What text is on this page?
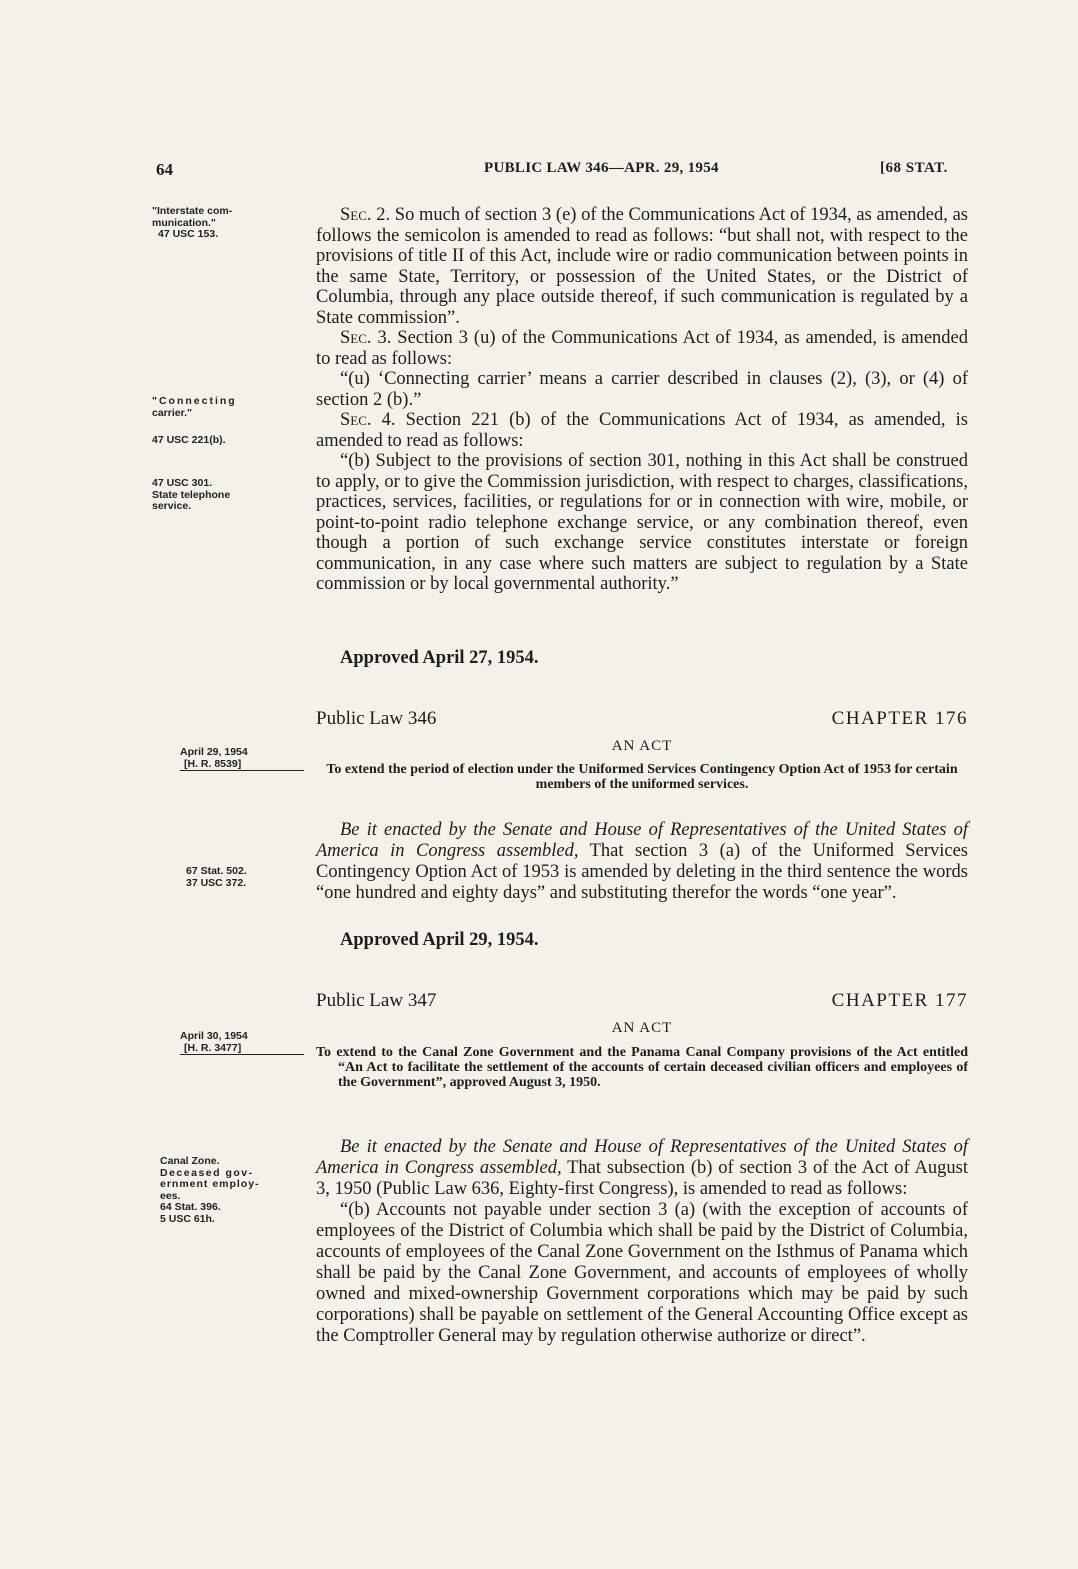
64	PUBLIC LAW 346—APR. 29, 1954	[68 STAT.
"Interstate com-
munication."
47 USC 153.
"Connecting
carrier."
47 USC 221(b).
47 USC 301.
State telephone
service.
April 29, 1954
[H. R. 8539]
67 Stat. 502.
37 USC 372.
April 30, 1954
[H. R. 3477]
Canal Zone.
Deceased gov-
ernment employ-
ees.
64 Stat. 396.
5 USC 61h.

Sec. 2. So much of section 3 (e) of the Communications Act of 1934, as amended, as follows the semicolon is amended to read as follows: “but shall not, with respect to the provisions of title II of this Act, include wire or radio communication between points in the same State, Territory, or possession of the United States, or the District of Columbia, through any place outside thereof, if such communication is regulated by a State commission”.

Sec. 3. Section 3 (u) of the Communications Act of 1934, as amended, is amended to read as follows:

“(u) ‘Connecting carrier’ means a carrier described in clauses (2), (3), or (4) of section 2 (b).”

Sec. 4. Section 221 (b) of the Communications Act of 1934, as amended, is amended to read as follows:

“(b) Subject to the provisions of section 301, nothing in this Act shall be construed to apply, or to give the Commission jurisdiction, with respect to charges, classifications, practices, services, facilities, or regulations for or in connection with wire, mobile, or point-to-point radio telephone exchange service, or any combination thereof, even though a portion of such exchange service constitutes interstate or foreign communication, in any case where such matters are subject to regulation by a State commission or by local governmental authority.”

Approved April 27, 1954.
Public Law 346	CHAPTER 176
AN ACT
To extend the period of election under the Uniformed Services Contingency Option Act of 1953 for certain members of the uniformed services.

Be it enacted by the Senate and House of Representatives of the United States of America in Congress assembled, That section 3 (a) of the Uniformed Services Contingency Option Act of 1953 is amended by deleting in the third sentence the words “one hundred and eighty days” and substituting therefor the words “one year”.

Approved April 29, 1954.
Public Law 347	CHAPTER 177
AN ACT
To extend to the Canal Zone Government and the Panama Canal Company provisions of the Act entitled “An Act to facilitate the settlement of the accounts of certain deceased civilian officers and employees of the Government”, approved August 3, 1950.

Be it enacted by the Senate and House of Representatives of the United States of America in Congress assembled, That subsection (b) of section 3 of the Act of August 3, 1950 (Public Law 636, Eighty-first Congress), is amended to read as follows:

“(b) Accounts not payable under section 3 (a) (with the exception of accounts of employees of the District of Columbia which shall be paid by the District of Columbia, accounts of employees of the Canal Zone Government on the Isthmus of Panama which shall be paid by the Canal Zone Government, and accounts of employees of wholly owned and mixed-ownership Government corporations which may be paid by such corporations) shall be payable on settlement of the General Accounting Office except as the Comptroller General may by regulation otherwise authorize or direct”.
